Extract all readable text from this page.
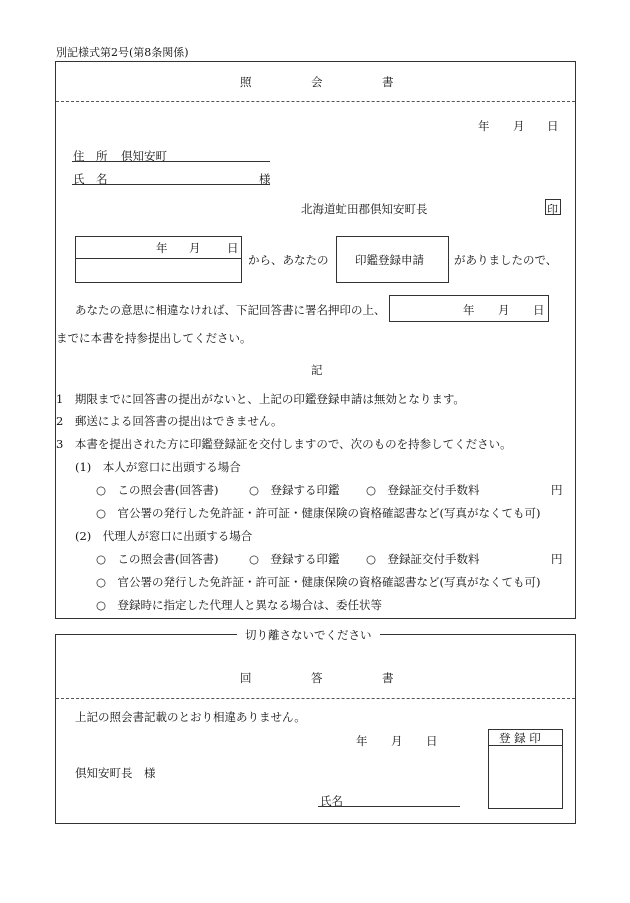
別記様式第2号(第8条関係)
照	会	書
年 月 日
住　所 倶知安町
氏　名	様
北海道虻田郡倶知安町長	印
年 月 日
から、あなたの 印鑑登録申請	がありましたので、
あなたの意思に相違なければ、下記回答書に署名押印の上、	年 月 日
までに本書を持参提出してください。
記
1　期限までに回答書の提出がないと、上記の印鑑登録申請は無効となります。
2　郵送による回答書の提出はできません。
3　本書を提出された方に印鑑登録証を交付しますので、次のものを持参してください。
(1)　本人が窓口に出頭する場合
○　この照会書(回答書)	○　登録する印鑑 ○　登録証交付手数料	円
○　官公署の発行した免許証・許可証・健康保険の資格確認書など(写真がなくても可)
(2)　代理人が窓口に出頭する場合
○　この照会書(回答書)	○　登録する印鑑 ○　登録証交付手数料	円
○　官公署の発行した免許証・許可証・健康保険の資格確認書など(写真がなくても可)
○　登録時に指定した代理人と異なる場合は、委任状等
切り離さないでください
回	答	書
上記の照会書記載のとおり相違ありません。
年 月 日
倶知安町長　様
氏名
登 録 印
